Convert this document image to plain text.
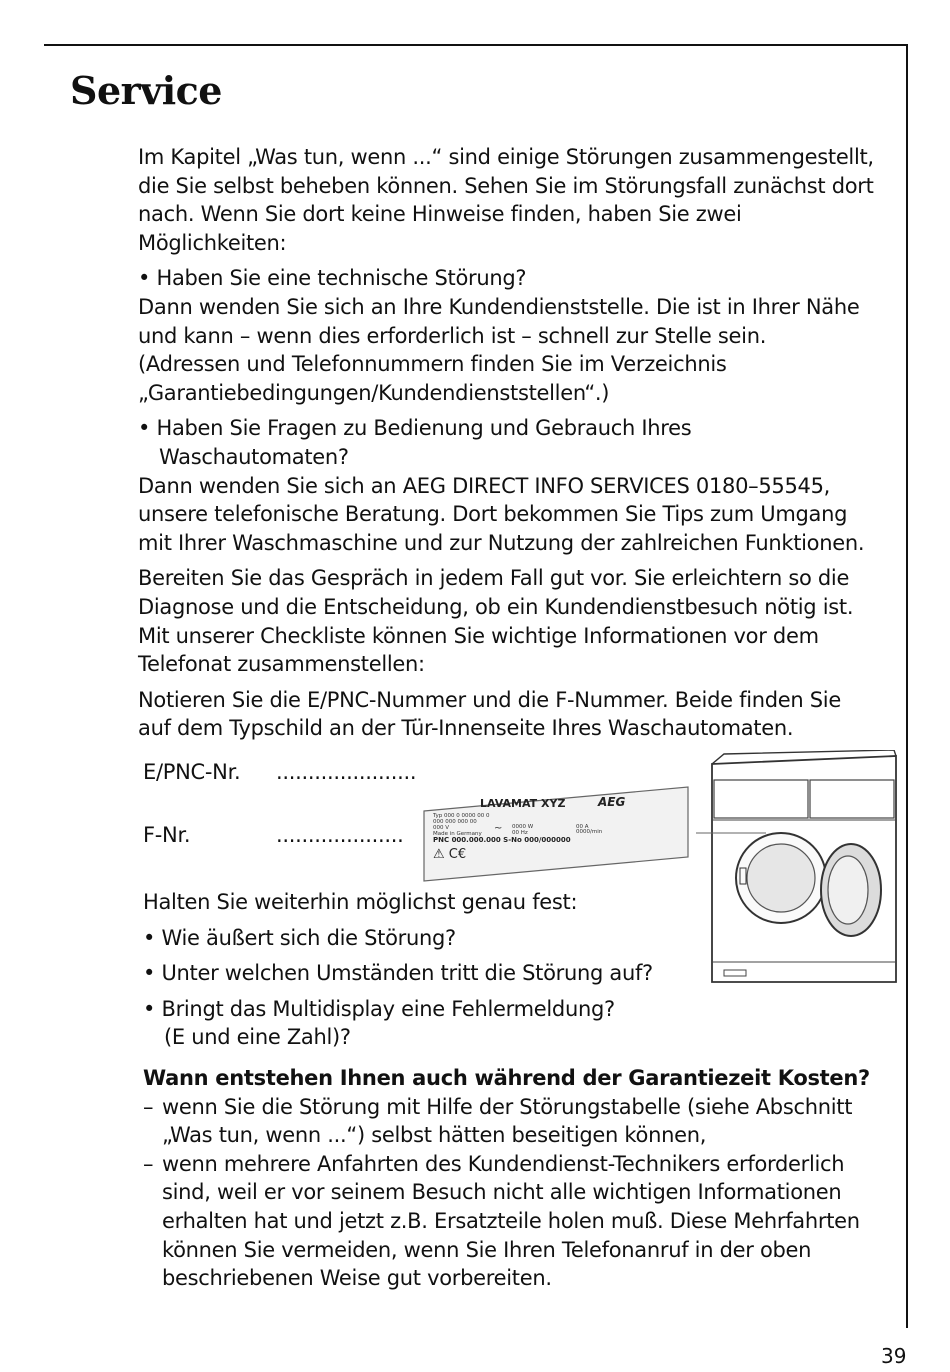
Service

Im Kapitel „Was tun, wenn ...“ sind einige Störungen zusammengestellt,
die Sie selbst beheben können. Sehen Sie im Störungsfall zunächst dort
nach. Wenn Sie dort keine Hinweise finden, haben Sie zwei
Möglichkeiten:

• Haben Sie eine technische Störung?
Dann wenden Sie sich an Ihre Kundendienststelle. Die ist in Ihrer Nähe
und kann – wenn dies erforderlich ist – schnell zur Stelle sein.
(Adressen und Telefonnummern finden Sie im Verzeichnis
„Garantiebedingungen/Kundendienststellen“.)

• Haben Sie Fragen zu Bedienung und Gebrauch Ihres
Waschautomaten?
Dann wenden Sie sich an AEG DIRECT INFO SERVICES 0180–55545,
unsere telefonische Beratung. Dort bekommen Sie Tips zum Umgang
mit Ihrer Waschmaschine und zur Nutzung der zahlreichen Funktionen.

Bereiten Sie das Gespräch in jedem Fall gut vor. Sie erleichtern so die
Diagnose und die Entscheidung, ob ein Kundendienstbesuch nötig ist.
Mit unserer Checkliste können Sie wichtige Informationen vor dem
Telefonat zusammenstellen:

Notieren Sie die E/PNC-Nummer und die F-Nummer. Beide finden Sie
auf dem Typschild an der Tür-Innenseite Ihres Waschautomaten.

E/PNC-Nr. ......................
F-Nr.	....................
LAVAMAT XYZ	AEG
Typ 000 0 0000 00 0
000 000 000 00
000 V	~ 0000 W	00 A
Made in Germany	00 Hz	0000/min
PNC 000.000.000 S-No 000/000000
⚠ C€

Halten Sie weiterhin möglichst genau fest:

• Wie äußert sich die Störung?

• Unter welchen Umständen tritt die Störung auf?

• Bringt das Multidisplay eine Fehlermeldung?
(E und eine Zahl)?

Wann entstehen Ihnen auch während der Garantiezeit Kosten?

– wenn Sie die Störung mit Hilfe der Störungstabelle (siehe Abschnitt
„Was tun, wenn ...“) selbst hätten beseitigen können,
– wenn mehrere Anfahrten des Kundendienst-Technikers erforderlich
sind, weil er vor seinem Besuch nicht alle wichtigen Informationen
erhalten hat und jetzt z.B. Ersatzteile holen muß. Diese Mehrfahrten
können Sie vermeiden, wenn Sie Ihren Telefonanruf in der oben
beschriebenen Weise gut vorbereiten.
39
